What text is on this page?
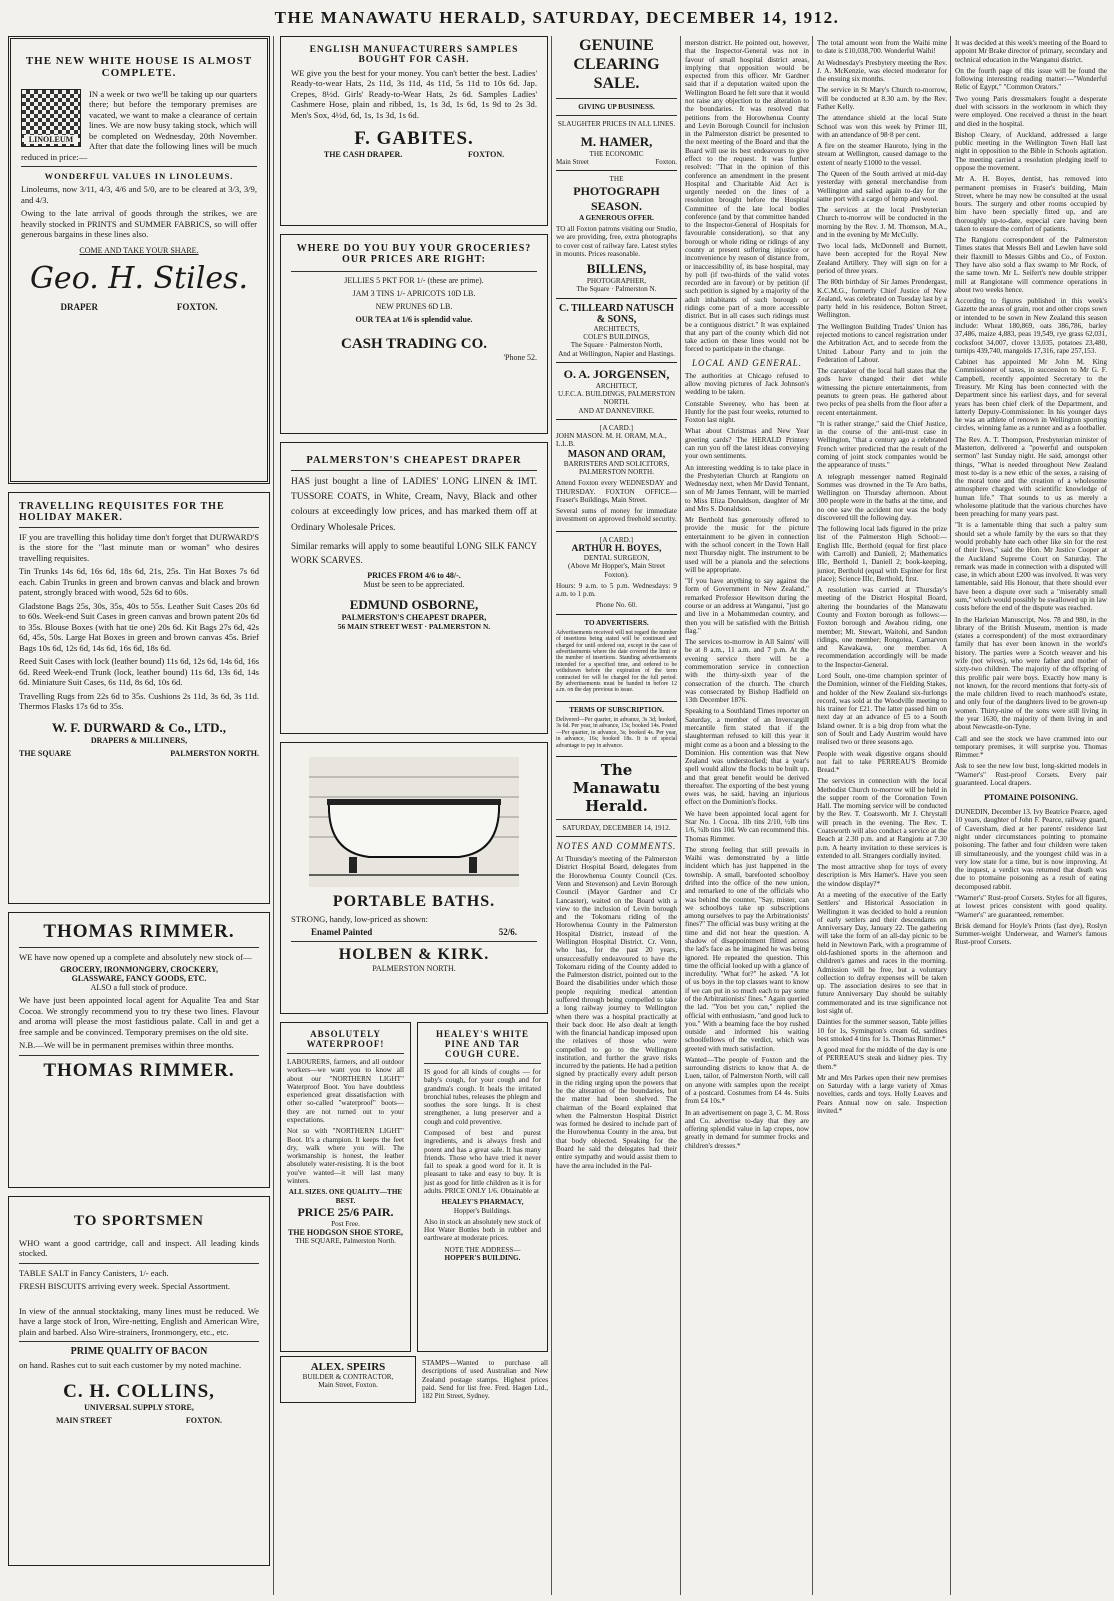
THE MANAWATU HERALD, SATURDAY, DECEMBER 14, 1912.
THE NEW WHITE HOUSE IS ALMOST COMPLETE.
LINOLEUM

IN a week or two we'll be taking up our quarters there; but before the temporary premises are vacated, we want to make a clearance of certain lines. We are now busy taking stock, which will be completed on Wednesday, 20th November. After that date the following lines will be much reduced in price:—

WONDERFUL VALUES IN LINOLEUMS.

Linoleums, now 3/11, 4/3, 4/6 and 5/0, are to be cleared at 3/3, 3/9, and 4/3.

Owing to the late arrival of goods through the strikes, we are heavily stocked in PRINTS and SUMMER FABRICS, so will offer generous bargains in these lines also.

COME AND TAKE YOUR SHARE.
Geo. H. Stiles.
DRAPER	FOXTON.
TRAVELLING REQUISITES FOR THE HOLIDAY MAKER.

IF you are travelling this holiday time don't forget that DURWARD'S is the store for the "last minute man or woman" who desires travelling requisites.

Tin Trunks 14s 6d, 16s 6d, 18s 6d, 21s, 25s. Tin Hat Boxes 7s 6d each. Cabin Trunks in green and brown canvas and black and brown patent, strongly braced with wood, 52s 6d to 60s.

Gladstone Bags 25s, 30s, 35s, 40s to 55s. Leather Suit Cases 20s 6d to 60s. Week-end Suit Cases in green canvas and brown patent 20s 6d to 35s. Blouse Boxes (with hat tie one) 20s 6d. Kit Bags 27s 6d, 42s 6d, 45s, 50s. Large Hat Boxes in green and brown canvas 45s. Brief Bags 10s 6d, 12s 6d, 14s 6d, 16s 6d, 18s 6d.

Reed Suit Cases with lock (leather bound) 11s 6d, 12s 6d, 14s 6d, 16s 6d. Reed Week-end Trunk (lock, leather bound) 11s 6d, 13s 6d, 14s 6d. Miniature Suit Cases, 6s 11d, 8s 6d, 10s 6d.

Travelling Rugs from 22s 6d to 35s. Cushions 2s 11d, 3s 6d, 3s 11d. Thermos Flasks 17s 6d to 35s.

W. F. DURWARD & Co., LTD.,
DRAPERS & MILLINERS,
THE SQUARE	PALMERSTON NORTH.
THOMAS RIMMER.

WE have now opened up a complete and absolutely new stock of—

GROCERY, IRONMONGERY, CROCKERY,
GLASSWARE, FANCY GOODS, ETC.
ALSO a full stock of produce.

We have just been appointed local agent for Aqualite Tea and Star Cocoa. We strongly recommend you to try these two lines. Flavour and aroma will please the most fastidious palate. Call in and get a free sample and be convinced. Temporary premises on the old site.

N.B.—We will be in permanent premises within three months.

THOMAS RIMMER.
TO SPORTSMEN

WHO want a good cartridge, call and inspect. All leading kinds stocked.

TABLE SALT in Fancy Canisters, 1/- each.

FRESH BISCUITS arriving every week. Special Assortment.

In view of the annual stocktaking, many lines must be reduced. We have a large stock of Iron, Wire-netting, English and American Wire, plain and barbed. Also Wire-strainers, Ironmongery, etc., etc.

PRIME QUALITY OF BACON

on hand. Rashes cut to suit each customer by my noted machine.

C. H. COLLINS,
UNIVERSAL SUPPLY STORE,
MAIN STREET	FOXTON.
ENGLISH MANUFACTURERS SAMPLES BOUGHT FOR CASH.

WE give you the best for your money. You can't better the best. Ladies' Ready-to-wear Hats, 2s 11d, 3s 11d, 4s 11d, 5s 11d to 10s 6d. Jap. Crepes, 8½d. Girls' Ready-to-Wear Hats, 2s 6d. Samples Ladies' Cashmere Hose, plain and ribbed, 1s, 1s 3d, 1s 6d, 1s 9d to 2s 3d. Men's Sox, 4½d, 6d, 1s, 1s 3d, 1s 6d.

F. GABITES.
THE CASH DRAPER.	FOXTON.
WHERE DO YOU BUY YOUR GROCERIES?
OUR PRICES ARE RIGHT:
JELLIES 5 PKT FOR 1/- (these are prime).
JAM 3 TINS 1/- APRICOTS 10D LB.
NEW PRUNES 6D LB.
OUR TEA at 1/6 is splendid value.
CASH TRADING CO.
'Phone 52.
PALMERSTON'S CHEAPEST DRAPER

HAS just bought a line of LADIES' LONG LINEN & IMT. TUSSORE COATS, in White, Cream, Navy, Black and other colours at exceedingly low prices, and has marked them off at Ordinary Wholesale Prices.

Similar remarks will apply to some beautiful LONG SILK FANCY WORK SCARVES.

PRICES FROM 4/6 to 48/-.
Must be seen to be appreciated.
EDMUND OSBORNE,
PALMERSTON'S CHEAPEST DRAPER,
56 MAIN STREET WEST · PALMERSTON N.
PORTABLE BATHS.

STRONG, handy, low-priced as shown:

Enamel Painted	52/6.
HOLBEN & KIRK.
PALMERSTON NORTH.
ABSOLUTELY WATERPROOF!

LABOURERS, farmers, and all outdoor workers—we want you to know all about our "NORTHERN LIGHT" Waterproof Boot. You have doubtless experienced great dissatisfaction with other so-called "waterproof" boots—they are not turned out to your expectations.

Not so with "NORTHERN LIGHT" Boot. It's a champion. It keeps the feet dry, walk where you will. The workmanship is honest, the leather absolutely water-resisting. It is the boot you've wanted—it will last many winters.

ALL SIZES. ONE QUALITY—THE BEST.
PRICE 25/6 PAIR.
Post Free.
THE HODGSON SHOE STORE,
THE SQUARE, Palmerston North.
HEALEY'S WHITE PINE AND TAR COUGH CURE.

IS good for all kinds of coughs — for baby's cough, for your cough and for grandma's cough. It heals the irritated bronchial tubes, releases the phlegm and soothes the sore lungs. It is chest strengthener, a lung preserver and a cough and cold preventive.

Composed of best and purest ingredients, and is always fresh and potent and has a great sale. It has many friends. Those who have tried it never fail to speak a good word for it. It is pleasant to take and easy to buy. It is just as good for little children as it is for adults. PRICE ONLY 1/6. Obtainable at

HEALEY'S PHARMACY,
Hopper's Buildings.

Also in stock an absolutely new stock of Hot Water Bottles both in rubber and earthware at moderate prices.

NOTE THE ADDRESS—
HOPPER'S BUILDING.
ALEX. SPEIRS
BUILDER & CONTRACTOR,
Main Street, Foxton.

STAMPS—Wanted to purchase all descriptions of used Australian and New Zealand postage stamps. Highest prices paid. Send for list free. Fred. Hagen Ltd., 182 Pitt Street, Sydney.

GENUINE CLEARING SALE.
GIVING UP BUSINESS.
SLAUGHTER PRICES IN ALL LINES.
M. HAMER,
THE ECONOMIC
Main Street	Foxton.
THE
PHOTOGRAPH SEASON.
A GENEROUS OFFER.

TO all Foxton patrons visiting our Studio, we are providing, free, extra photographs to cover cost of railway fare. Latest styles in mounts. Prices reasonable.

BILLENS,
PHOTOGRAPHER,
The Square · Palmerston N.
C. TILLEARD NATUSCH & SONS,
ARCHITECTS,
COLE'S BUILDINGS,
The Square · Palmerston North,
And at Wellington, Napier and Hastings.
O. A. JORGENSEN,
ARCHITECT,
U.F.C.A. BUILDINGS, PALMERSTON NORTH.
AND AT DANNEVIRKE.
[A CARD.]
JOHN MASON. M. H. ORAM, M.A., L.L.B.
MASON AND ORAM,
BARRISTERS AND SOLICITORS, PALMERSTON NORTH.

Attend Foxton every WEDNESDAY and THURSDAY. FOXTON OFFICE—Fraser's Buildings, Main Street.

Several sums of money for immediate investment on approved freehold security.

[A CARD.]
ARTHUR H. BOYES,
DENTAL SURGEON,
(Above Mr Hopper's, Main Street Foxton).

Hours: 9 a.m. to 5 p.m. Wednesdays: 9 a.m. to 1 p.m.

Phone No. 60.
TO ADVERTISERS.

Advertisements received will not regard the number of insertions being stated will be continued and charged for until ordered out, except in the case of advertisements where the date covered the limit or the number of insertions. Standing advertisements intended for a specified time, and ordered to be withdrawn before the expiration of the term contracted for will be charged for the full period. By advertisements must be handed in before 12 a.m. on the day previous to issue.

TERMS OF SUBSCRIPTION.

Delivered—Per quarter, in advance, 3s 3d; booked, 3s 6d. Per year, in advance, 13s; booked 14s. Posted—Per quarter, in advance, 3s; booked 4s. Per year, in advance, 16s; booked 18s. It is of special advantage to pay in advance.

The Manawatu Herald.
SATURDAY, DECEMBER 14, 1912.
NOTES AND COMMENTS.

At Thursday's meeting of the Palmerston District Hospital Board, delegates from the Horowhenua County Council (Crs. Venn and Stevenson) and Levin Borough Council (Mayor Gardner and Cr Lancaster), waited on the Board with a view to the inclusion of Levin borough and the Tokomaru riding of the Horowhenua County in the Palmerston Hospital District, instead of the Wellington Hospital District. Cr. Venn, who has, for the past 20 years, unsuccessfully endeavoured to have the Tokomaru riding of the County added to the Palmerston district, pointed out to the Board the disabilities under which those people requiring medical attention suffered through being compelled to take a long railway journey to Wellington when there was a hospital practically at their back door. He also dealt at length with the financial handicap imposed upon the relatives of those who were compelled to go to the Wellington institution, and further the grave risks incurred by the patients. He had a petition signed by practically every adult person in the riding urging upon the powers that be the alteration of the boundaries, but the matter had been shelved. The chairman of the Board explained that when the Palmerston Hospital District was formed he desired to include part of the Horowhenua County in the area, but that body objected. Speaking for the Board he said the delegates had their entire sympathy and would assist them to have the area included in the Pal-

merston district. He pointed out, however, that the Inspector-General was not in favour of small hospital district areas, implying that opposition would be expected from this officer. Mr Gardner said that if a deputation waited upon the Wellington Board he felt sure that it would not raise any objection to the alteration to the boundaries. It was resolved that petitions from the Horowhenua County and Levin Borough Council for inclusion in the Palmerston district be presented to the next meeting of the Board and that the Board will use its best endeavours to give effect to the request. It was further resolved: "That in the opinion of this conference an amendment in the present Hospital and Charitable Aid Act is urgently needed on the lines of a resolution brought before the Hospital Committee of the late local bodies conference (and by that committee handed to the Inspector-General of Hospitals for favourable consideration), so that any borough or whole riding or ridings of any county at present suffering injustice or inconvenience by reason of distance from, or inaccessibility of, its base hospital, may by poll (if two-thirds of the valid votes recorded are in favour) or by petition (if such petition is signed by a majority of the adult inhabitants of such borough or ridings come part of a more accessible district. But in all cases such ridings must be a contiguous district." It was explained that any part of the county which did not take action on these lines would not be forced to participate in the change.

LOCAL AND GENERAL.

The authorities at Chicago refused to allow moving pictures of Jack Johnson's wedding to be taken.

Constable Sweeney, who has been at Huntly for the past four weeks, returned to Foxton last night.

What about Christmas and New Year greeting cards? The HERALD Printery can run you off the latest ideas conveying your own sentiments.

An interesting wedding is to take place in the Presbyterian Church at Rangiotu on Wednesday next, when Mr David Tennant, son of Mr James Tennant, will be married to Miss Eliza Donaldson, daughter of Mr and Mrs S. Donaldson.

Mr Berthold has generously offered to provide the music for the picture entertainment to be given in connection with the school concert in the Town Hall next Thursday night. The instrument to be used will be a pianola and the selections will be appropriate.

"If you have anything to say against the form of Government in New Zealand," remarked Professor Hewitson during the course or an address at Wanganui, "just go and live in a Mohammedan country, and then you will be satisfied with the British flag."

The services to-morrow in All Saints' will be at 8 a.m., 11 a.m. and 7 p.m. At the evening service there will be a commemoration service in connection with the thirty-sixth year of the consecration of the church. The church was consecrated by Bishop Hadfield on 13th December 1876.

Speaking to a Southland Times reporter on Saturday, a member of an Invercargill mercantile firm stated that if the slaughterman refused to kill this year it might come as a boon and a blessing to the Dominion. His contention was that New Zealand was understocked; that a year's spell would allow the flocks to be built up, and that great benefit would be derived thereafter. The exporting of the best young ewes was, he said, having an injurious effect on the Dominion's flocks.

We have been appointed local agent for Star No. 1 Cocoa. 1lb tins 2/10, ½lb tins 1/6, ¼lb tins 10d. We can recommend this. Thomas Rimmer.

The strong feeling that still prevails in Waihi was demonstrated by a little incident which has just happened in the township. A small, barefooted schoolboy drifted into the office of the new union, and remarked to one of the officials who was behind the counter, "Say, mister, can we schoolboys take up subscriptions among ourselves to pay the Arbitrationists' fines?" The official was busy writing at the time and did not hear the question. A shadow of disappointment flitted across the lad's face as he imagined he was being ignored. He repeated the question. This time the official looked up with a glance of incredulity. "What for?" he asked. "A lot of us boys in the top classes want to know if we can put in so much each to pay some of the Arbitrationists' fines." Again queried the lad. "You bet you can," replied the official with enthusiasm, "and good luck to you." With a beaming face the boy rushed outside and informed his waiting schoolfellows of the verdict, which was greeted with much satisfaction.

Wanted—The people of Foxton and the surrounding districts to know that A. de Luen, tailor, of Palmerston North, will call on anyone with samples upon the receipt of a postcard. Costumes from £4 4s. Suits from £4 10s.*

In an advertisement on page 3, C. M. Ross and Co. advertise to-day that they are offering splendid value in lap crepes, now greatly in demand for summer frocks and children's dresses.*

The total amount won from the Waihi mine to date is £10,038,700. Wonderful Waihi!

At Wednesday's Presbytery meeting the Rev. J. A. McKenzie, was elected moderator for the ensuing six months.

The service in St Mary's Church to-morrow, will be conducted at 8.30 a.m. by the Rev. Father Kelly.

The attendance shield at the local State School was won this week by Primer III, with an attendance of 98·8 per cent.

A fire on the steamer Hauroto, lying in the stream at Wellington, caused damage to the extent of nearly £1000 to the vessel.

The Queen of the South arrived at mid-day yesterday with general merchandise from Wellington and sailed again to-day for the same port with a cargo of hemp and wool.

The services at the local Presbyterian Church to-morrow will be conducted in the morning by the Rev. J. M. Thomson, M.A., and in the evening by Mr McCully.

Two local lads, McDonnell and Burnett, have been accepted for the Royal New Zealand Artillery. They will sign on for a period of three years.

The 80th birthday of Sir James Prendergast, K.C.M.G., formerly Chief Justice of New Zealand, was celebrated on Tuesday last by a party held in his residence, Bolton Street, Wellington.

The Wellington Building Trades' Union has rejected motions to cancel registration under the Arbitration Act, and to secede from the United Labour Party and to join the Federation of Labour.

The caretaker of the local hall states that the gods have changed their diet while witnessing the picture entertainments, from peanuts to green peas. He gathered about two pecks of pea shells from the floor after a recent entertainment.

"It is rather strange," said the Chief Justice, in the course of the anti-trust case in Wellington, "that a century ago a celebrated French writer predicted that the result of the coming of joint stock companies would be the appearance of trusts."

A telegraph messenger named Reginald Sommes was drowned in the Te Aro baths, Wellington on Thursday afternoon. About 300 people were in the baths at the time, and no one saw the accident nor was the body discovered till the following day.

The following local lads figured in the prize list of the Palmerston High School:—English IIIc, Berthold (equal for first place with Carroll) and Daniell, 2; Mathematics IIIc, Berthold 1, Daniell 2; book-keeping, junior, Berthold (equal with Espiner for first place); Science IIIc, Berthold, first.

A resolution was carried at Thursday's meeting of the District Hospital Board, altering the boundaries of the Manawatu County and Foxton borough as follows:—Foxton borough and Awahou riding, one member; Mt. Stewart, Waitohi, and Sandon ridings, one member; Rongotea, Carnarvon and Kawakawa, one member. A recommendation accordingly will be made to the Inspector-General.

Lord Soult, one-time champion sprinter of the Dominion, winner of the Fielding Stakes, and holder of the New Zealand six-furlongs record, was sold at the Woodville meeting to his trainer for £21. The latter passed him on next day at an advance of £5 to a South Island owner. It is a big drop from what the son of Soult and Lady Austrim would have realised two or three seasons ago.

People with weak digestive organs should not fail to take PERREAU'S Bromide Bread.*

The services in connection with the local Methodist Church to-morrow will be held in the supper room of the Coronation Town Hall. The morning service will be conducted by the Rev. T. Coatsworth. Mr J. Chrystall will preach in the evening. The Rev. T. Coatsworth will also conduct a service at the Beach at 2.30 p.m. and at Rangiotu at 7.30 p.m. A hearty invitation to these services is extended to all. Strangers cordially invited.

The most attractive shop for toys of every description is Mrs Hamer's. Have you seen the window display?*

At a meeting of the executive of the Early Settlers' and Historical Association in Wellington it was decided to hold a reunion of early settlers and their descendants on Anniversary Day, January 22. The gathering will take the form of an all-day picnic to be held in Newtown Park, with a programme of old-fashioned sports in the afternoon and children's games and races in the morning. Admission will be free, but a voluntary collection to defray expenses will be taken up. The association desires to see that in future Anniversary Day should be suitably commemorated and its true significance not lost sight of.

Dainties for the summer season, Table jellies 10 for 1s, Symington's cream 6d, sardines best smoked 4 tins for 1s. Thomas Rimmer.*

A good meal for the middle of the day is one of PERREAU'S steak and kidney pies. Try them.*

Mr and Mrs Parkes open their new premises on Saturday with a large variety of Xmas novelties, cards and toys. Holly Leaves and Pears Annual now on sale. Inspection invited.*

It was decided at this week's meeting of the Board to appoint Mr Brake director of primary, secondary and technical education in the Wanganui district.

On the fourth page of this issue will be found the following interesting reading matter:—"Wonderful Relic of Egypt," "Common Orators."

Two young Paris dressmakers fought a desperate duel with scissors in the workroom in which they were employed. One received a thrust in the heart and died in the hospital.

Bishop Cleary, of Auckland, addressed a large public meeting in the Wellington Town Hall last night in opposition to the Bible in Schools agitation. The meeting carried a resolution pledging itself to oppose the movement.

Mr A. H. Boyes, dentist, has removed into permanent premises in Fraser's building, Main Street, where he may now be consulted at the usual hours. The surgery and other rooms occupied by him have been specially fitted up, and are thoroughly up-to-date, especial care having been taken to ensure the comfort of patients.

The Rangiotu correspondent of the Palmerston Times states that Messrs Bell and Lewlen have sold their flaxmill to Messrs Gibbs and Co., of Foxton. They have also sold a flax swamp to Mr Rock, of the same town. Mr L. Seifert's new double stripper mill at Rangiotane will commence operations in about two weeks hence.

According to figures published in this week's Gazette the areas of grain, root and other crops sown or intended to be sown in New Zealand this season include: Wheat 180,869, oats 386,786, barley 37,486, maize 4,883, peas 19,549, rye grass 62,031, cocksfoot 34,007, clover 13,035, potatoes 23,480, turnips 439,740, mangolds 17,316, rape 257,153.

Cabinet has appointed Mr John M. King Commissioner of taxes, in succession to Mr G. F. Campbell, recently appointed Secretary to the Treasury. Mr King has been connected with the Department since his earliest days, and for several years has been chief clerk of the Department, and latterly Deputy-Commissioner. In his younger days he was an athlete of renown in Wellington sporting circles, winning fame as a runner and as a footballer.

The Rev. A. T. Thompson, Presbyterian minister of Masterton, delivered a "powerful and outspoken sermon" last Sunday night. He said, amongst other things, "What is needed throughout New Zealand most to-day is a new ethic of the sexes, a raising of the moral tone and the creation of a wholesome atmosphere charged with scientific knowledge of human life." That sounds to us as merely a wholesome platitude that the various churches have been preaching for many years past.

"It is a lamentable thing that such a paltry sum should set a whole family by the ears so that they would probably hate each other like sin for the rest of their lives," said the Hon. Mr Justice Cooper at the Auckland Supreme Court on Saturday. The remark was made in connection with a disputed will case, in which about £200 was involved. It was very lamentable, said His Honour, that there should ever have been a dispute over such a "miserably small sum," which would possibly be swallowed up in law costs before the end of the dispute was reached.

In the Harleian Manuscript, Nos. 78 and 980, in the library of the British Museum, mention is made (states a correspondent) of the most extraordinary family that has ever been known in the world's history. The parties were a Scotch weaver and his wife (not wives), who were father and mother of sixty-two children. The majority of the offspring of this prolific pair were boys. Exactly how many is not known, for the record mentions that forty-six of the male children lived to reach manhood's estate, and only four of the daughters lived to be grown-up women. Thirty-nine of the sons were still living in the year 1630, the majority of them living in and about Newcastle-on-Tyne.

Call and see the stock we have crammed into our temporary premises, it will surprise you. Thomas Rimmer.*

Ask to see the new low bust, long-skirted models in "Warner's" Rust-proof Corsets. Every pair guaranteed. Local drapers.

PTOMAINE POISONING.

DUNEDIN, December 13. Ivy Beatrice Pearce, aged 10 years, daughter of John F. Pearce, railway guard, of Caversham, died at her parents' residence last night under circumstances pointing to ptomaine poisoning. The father and four children were taken ill simultaneously, and the youngest child was in a very low state for a time, but is now improving. At the inquest, a verdict was returned that death was due to ptomaine poisoning as a result of eating decomposed rabbit.

"Warner's" Rust-proof Corsets. Styles for all figures, at lowest prices consistent with good quality. "Warner's" are guaranteed, remember.

Brisk demand for Hoyle's Prints (fast dye), Roslyn Summer-weight Underwear, and Warner's famous Rust-proof Corsets.
